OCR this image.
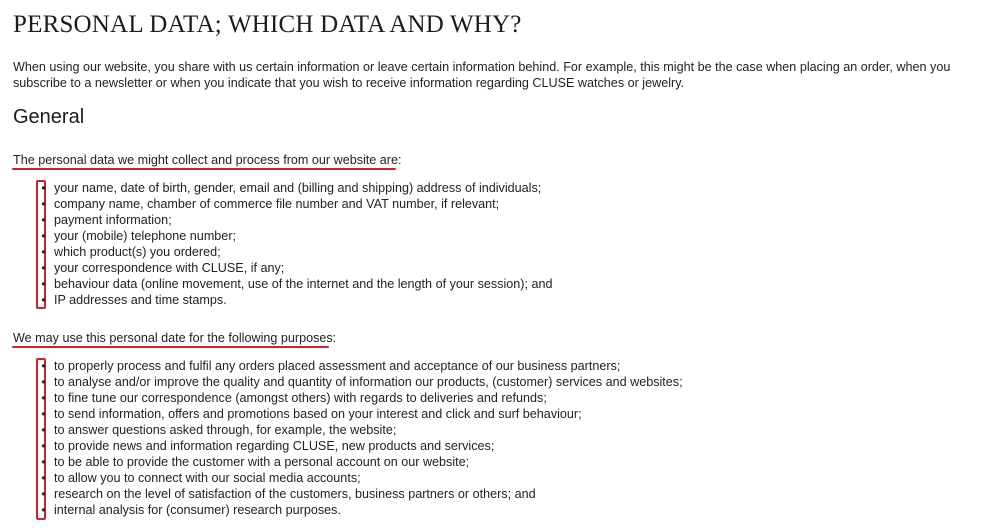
PERSONAL DATA; WHICH DATA AND WHY?

When using our website, you share with us certain information or leave certain information behind. For example, this might be the case when placing an order, when you subscribe to a newsletter or when you indicate that you wish to receive information regarding CLUSE watches or jewelry.

General

The personal data we might collect and process from our website are:

• your name, date of birth, gender, email and (billing and shipping) address of individuals;
• company name, chamber of commerce file number and VAT number, if relevant;
• payment information;
• your (mobile) telephone number;
• which product(s) you ordered;
• your correspondence with CLUSE, if any;
• behaviour data (online movement, use of the internet and the length of your session); and
• IP addresses and time stamps.

We may use this personal date for the following purposes:

• to properly process and fulfil any orders placed assessment and acceptance of our business partners;
• to analyse and/or improve the quality and quantity of information our products, (customer) services and websites;
• to fine tune our correspondence (amongst others) with regards to deliveries and refunds;
• to send information, offers and promotions based on your interest and click and surf behaviour;
• to answer questions asked through, for example, the website;
• to provide news and information regarding CLUSE, new products and services;
• to be able to provide the customer with a personal account on our website;
• to allow you to connect with our social media accounts;
• research on the level of satisfaction of the customers, business partners or others; and
• internal analysis for (consumer) research purposes.
